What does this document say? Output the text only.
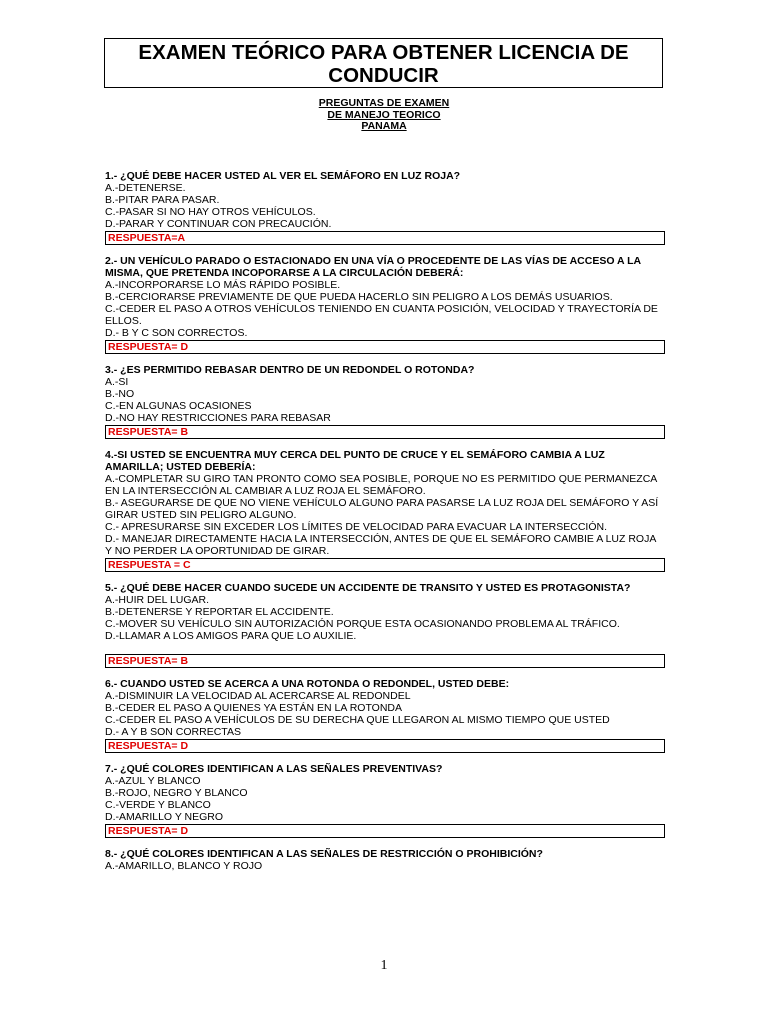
EXAMEN TEÓRICO PARA OBTENER LICENCIA DE CONDUCIR
PREGUNTAS DE EXAMEN
DE MANEJO TEORICO
PANAMA
1.- ¿QUÉ DEBE HACER USTED AL VER EL SEMÁFORO EN LUZ ROJA?
A.-DETENERSE.
B.-PITAR PARA PASAR.
C.-PASAR SI NO HAY OTROS VEHÍCULOS.
D.-PARAR Y CONTINUAR CON PRECAUCIÓN.
RESPUESTA=A
2.- UN VEHÍCULO PARADO O ESTACIONADO EN UNA VÍA O PROCEDENTE DE LAS VÍAS DE ACCESO A LA MISMA, QUE PRETENDA INCOPORARSE A LA CIRCULACIÓN DEBERÁ:
A.-INCORPORARSE LO MÁS RÁPIDO POSIBLE.
B.-CERCIORARSE PREVIAMENTE DE QUE PUEDA HACERLO SIN PELIGRO A LOS DEMÁS USUARIOS.
C.-CEDER EL PASO A OTROS VEHÍCULOS TENIENDO EN CUANTA POSICIÓN, VELOCIDAD Y TRAYECTORÍA DE ELLOS.
D.- B Y C SON CORRECTOS.
RESPUESTA= D
3.- ¿ES PERMITIDO REBASAR DENTRO DE UN REDONDEL O ROTONDA?
A.-SI
B.-NO
C.-EN ALGUNAS OCASIONES
D.-NO HAY RESTRICCIONES PARA REBASAR
RESPUESTA= B
4.-SI USTED SE ENCUENTRA MUY CERCA DEL PUNTO DE CRUCE Y EL SEMÁFORO CAMBIA A LUZ AMARILLA; USTED DEBERÍA:
A.-COMPLETAR SU GIRO TAN PRONTO COMO SEA POSIBLE, PORQUE NO ES PERMITIDO QUE PERMANEZCA EN LA INTERSECCIÓN AL CAMBIAR A LUZ ROJA EL SEMÁFORO.
B.- ASEGURARSE DE QUE NO VIENE VEHÍCULO ALGUNO PARA PASARSE LA LUZ ROJA DEL SEMÁFORO Y ASÍ GIRAR USTED SIN PELIGRO ALGUNO.
C.- APRESURARSE SIN EXCEDER LOS LÍMITES DE VELOCIDAD PARA EVACUAR LA INTERSECCIÓN.
D.- MANEJAR DIRECTAMENTE HACIA LA INTERSECCIÓN, ANTES DE QUE EL SEMÁFORO CAMBIE A LUZ ROJA Y NO PERDER LA OPORTUNIDAD DE GIRAR.
RESPUESTA = C
5.- ¿QUÉ DEBE HACER CUANDO SUCEDE UN ACCIDENTE DE TRANSITO Y USTED ES PROTAGONISTA?
A.-HUIR DEL LUGAR.
B.-DETENERSE Y REPORTAR EL ACCIDENTE.
C.-MOVER SU VEHÍCULO SIN AUTORIZACIÓN PORQUE ESTA OCASIONANDO PROBLEMA AL TRÁFICO.
D.-LLAMAR A LOS AMIGOS PARA QUE LO AUXILIE.
RESPUESTA= B
6.- CUANDO USTED SE ACERCA A UNA ROTONDA O REDONDEL, USTED DEBE:
A.-DISMINUIR LA VELOCIDAD AL ACERCARSE AL REDONDEL
B.-CEDER EL PASO A QUIENES YA ESTÁN EN LA ROTONDA
C.-CEDER EL PASO A VEHÍCULOS DE SU DERECHA QUE LLEGARON AL MISMO TIEMPO QUE USTED
D.- A Y B SON CORRECTAS
RESPUESTA= D
7.- ¿QUÉ COLORES IDENTIFICAN A LAS SEÑALES PREVENTIVAS?
A.-AZUL Y BLANCO
B.-ROJO, NEGRO Y BLANCO
C.-VERDE Y BLANCO
D.-AMARILLO Y NEGRO
RESPUESTA= D
8.- ¿QUÉ COLORES IDENTIFICAN A LAS SEÑALES DE RESTRICCIÓN O PROHIBICIÓN?
A.-AMARILLO, BLANCO Y ROJO
1
